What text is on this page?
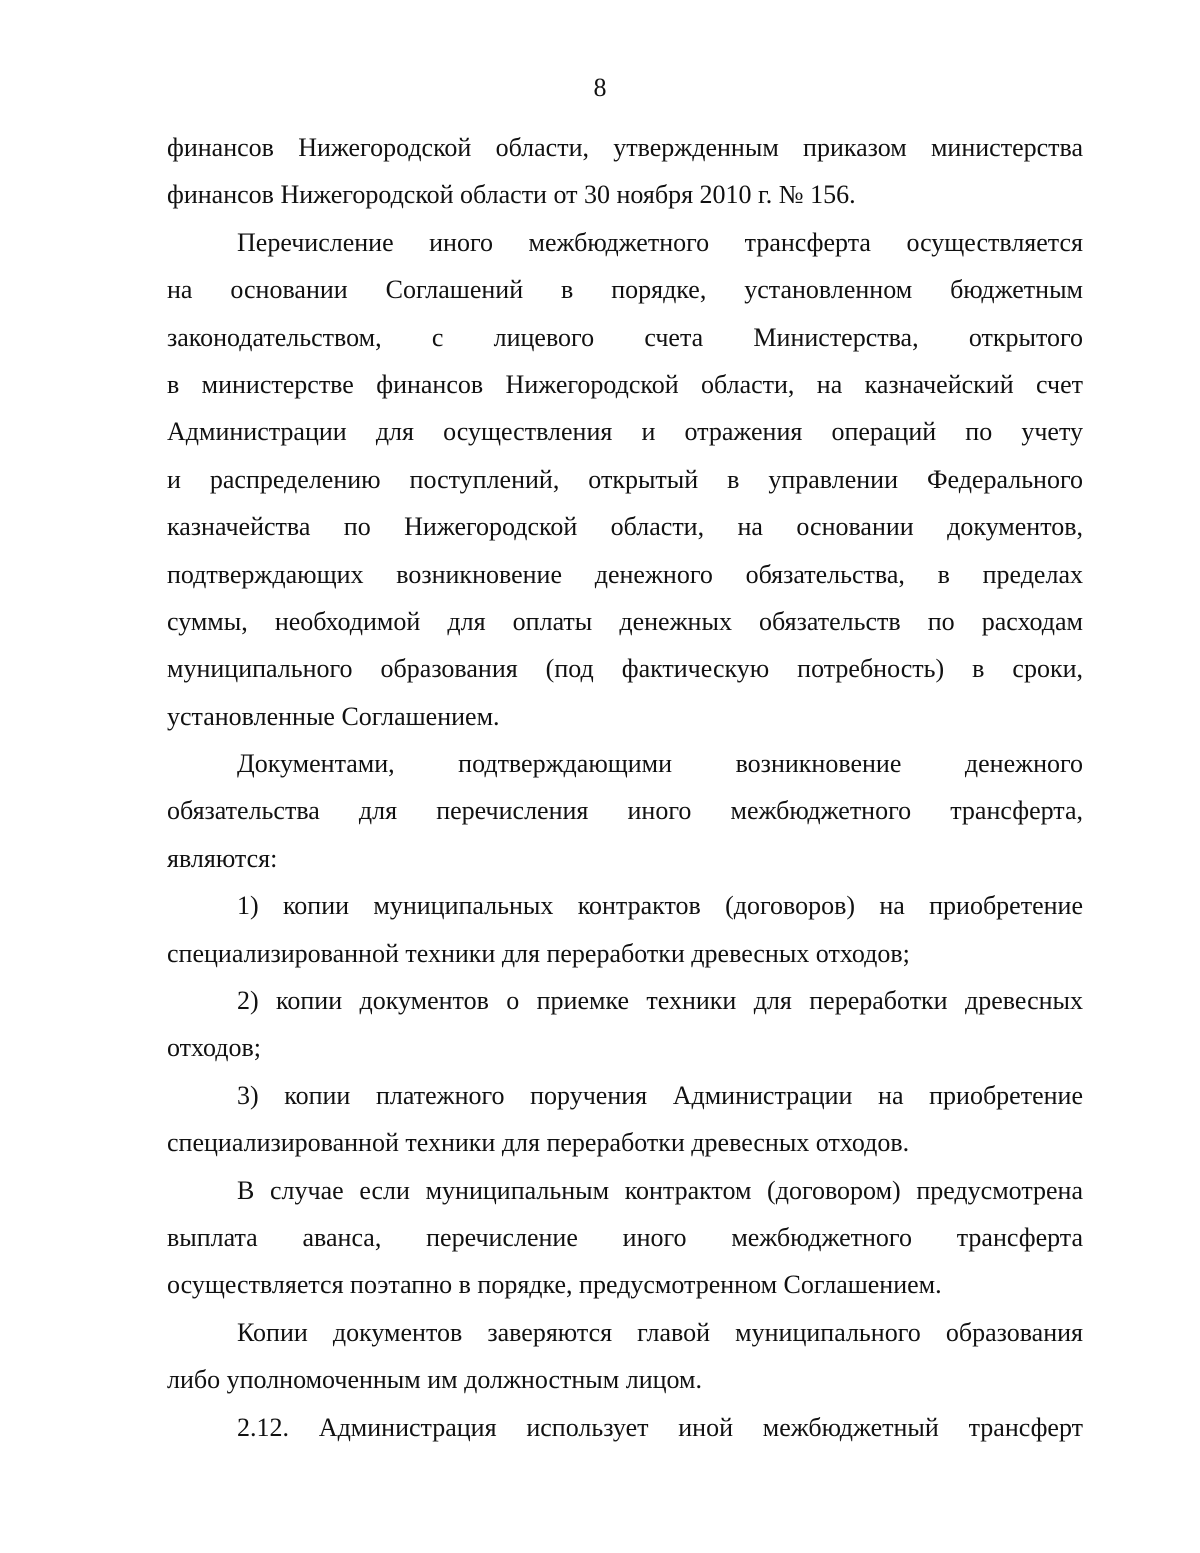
8
финансов Нижегородской области, утвержденным приказом министерства
финансов Нижегородской области от 30 ноября 2010 г. № 156.
Перечисление иного межбюджетного трансферта осуществляется
на основании Соглашений в порядке, установленном бюджетным
законодательством, с лицевого счета Министерства, открытого
в министерстве финансов Нижегородской области, на казначейский счет
Администрации для осуществления и отражения операций по учету
и распределению поступлений, открытый в управлении Федерального
казначейства по Нижегородской области, на основании документов,
подтверждающих возникновение денежного обязательства, в пределах
суммы, необходимой для оплаты денежных обязательств по расходам
муниципального образования (под фактическую потребность) в сроки,
установленные Соглашением.
Документами, подтверждающими возникновение денежного
обязательства для перечисления иного межбюджетного трансферта,
являются:
1) копии муниципальных контрактов (договоров) на приобретение
специализированной техники для переработки древесных отходов;
2) копии документов о приемке техники для переработки древесных
отходов;
3) копии платежного поручения Администрации на приобретение
специализированной техники для переработки древесных отходов.
В случае если муниципальным контрактом (договором) предусмотрена
выплата аванса, перечисление иного межбюджетного трансферта
осуществляется поэтапно в порядке, предусмотренном Соглашением.
Копии документов заверяются главой муниципального образования
либо уполномоченным им должностным лицом.
2.12. Администрация использует иной межбюджетный трансферт
